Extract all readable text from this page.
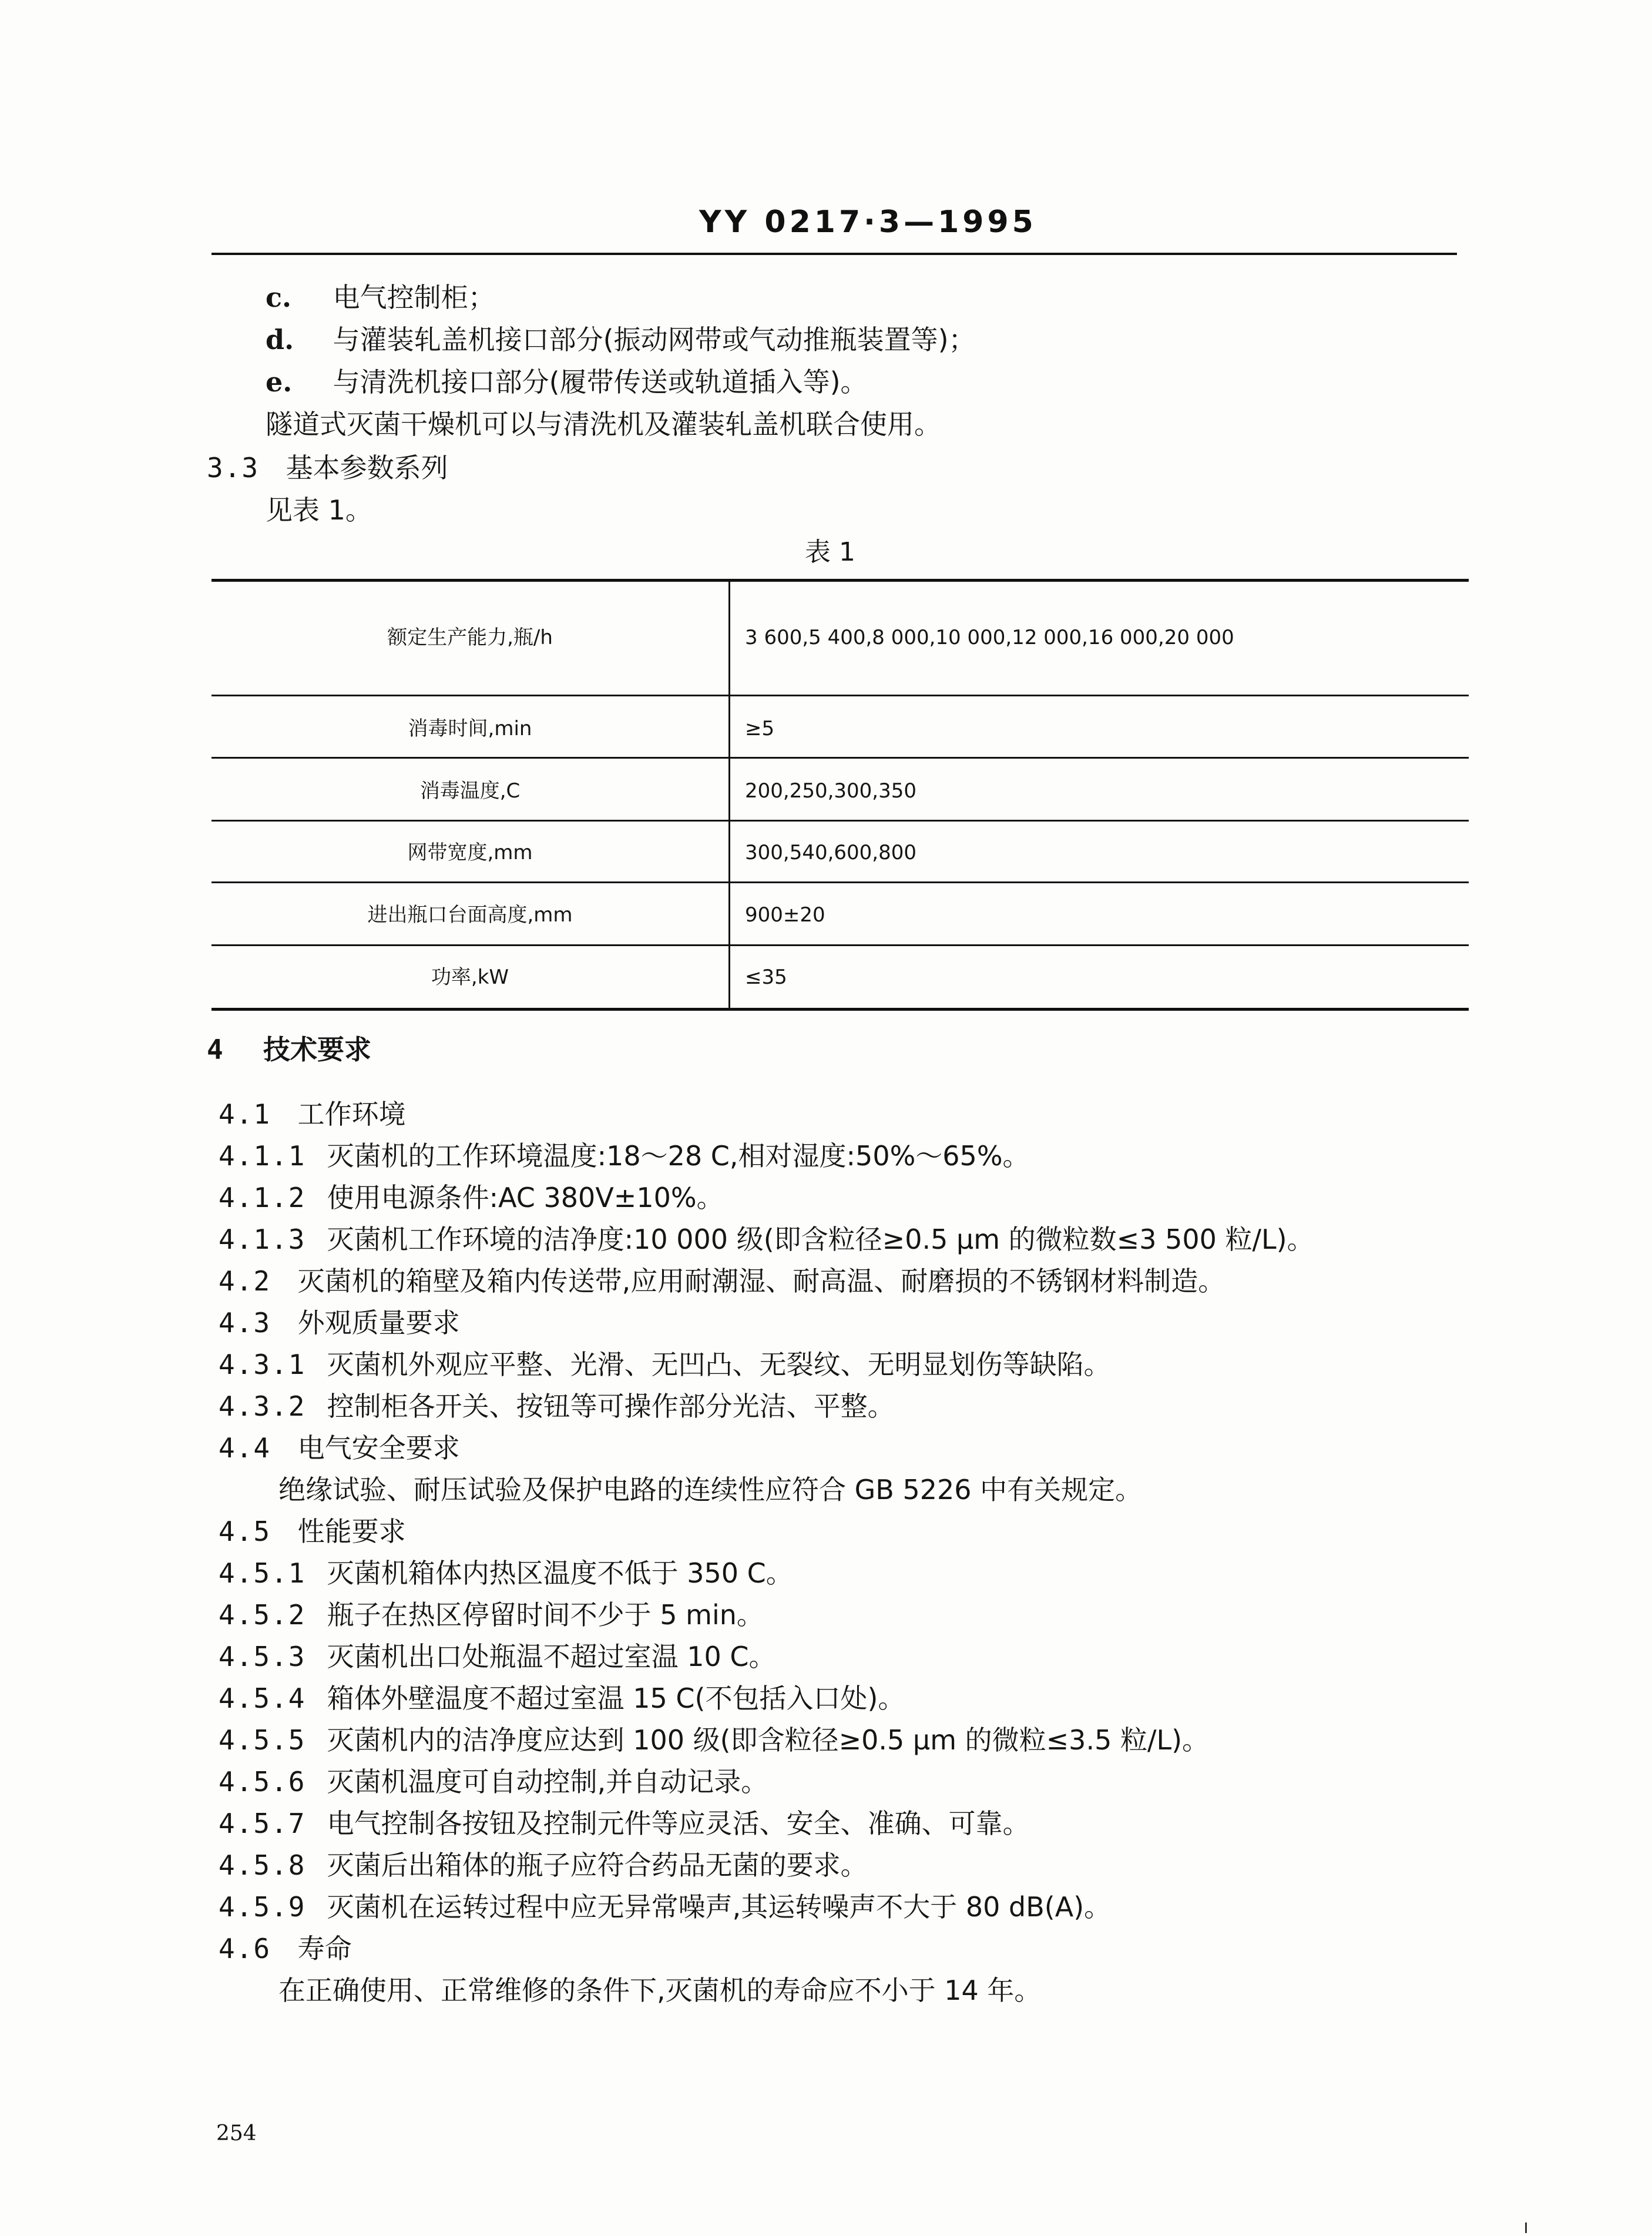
YY 0217·3—1995
c. 电气控制柜；
d. 与灌装轧盖机接口部分(振动网带或气动推瓶装置等)；
e. 与清洗机接口部分(履带传送或轨道插入等)。
隧道式灭菌干燥机可以与清洗机及灌装轧盖机联合使用。
3.3 基本参数系列
见表 1。
表 1
额定生产能力,瓶/h	3 600,5 400,8 000,10 000,12 000,16 000,20 000
消毒时间,min	≥5
消毒温度,C	200,250,300,350
网带宽度,mm	300,540,600,800
进出瓶口台面高度,mm	900±20
功率,kW	≤35
4 技术要求
4.1 工作环境
4.1.1 灭菌机的工作环境温度:18～28 C,相对湿度:50%～65%。
4.1.2 使用电源条件:AC 380V±10%。
4.1.3 灭菌机工作环境的洁净度:10 000 级(即含粒径≥0.5 μm 的微粒数≤3 500 粒/L)。
4.2 灭菌机的箱壁及箱内传送带,应用耐潮湿、耐高温、耐磨损的不锈钢材料制造。
4.3 外观质量要求
4.3.1 灭菌机外观应平整、光滑、无凹凸、无裂纹、无明显划伤等缺陷。
4.3.2 控制柜各开关、按钮等可操作部分光洁、平整。
4.4 电气安全要求
绝缘试验、耐压试验及保护电路的连续性应符合 GB 5226 中有关规定。
4.5 性能要求
4.5.1 灭菌机箱体内热区温度不低于 350 C。
4.5.2 瓶子在热区停留时间不少于 5 min。
4.5.3 灭菌机出口处瓶温不超过室温 10 C。
4.5.4 箱体外壁温度不超过室温 15 C(不包括入口处)。
4.5.5 灭菌机内的洁净度应达到 100 级(即含粒径≥0.5 μm 的微粒≤3.5 粒/L)。
4.5.6 灭菌机温度可自动控制,并自动记录。
4.5.7 电气控制各按钮及控制元件等应灵活、安全、准确、可靠。
4.5.8 灭菌后出箱体的瓶子应符合药品无菌的要求。
4.5.9 灭菌机在运转过程中应无异常噪声,其运转噪声不大于 80 dB(A)。
4.6 寿命
在正确使用、正常维修的条件下,灭菌机的寿命应不小于 14 年。
254
